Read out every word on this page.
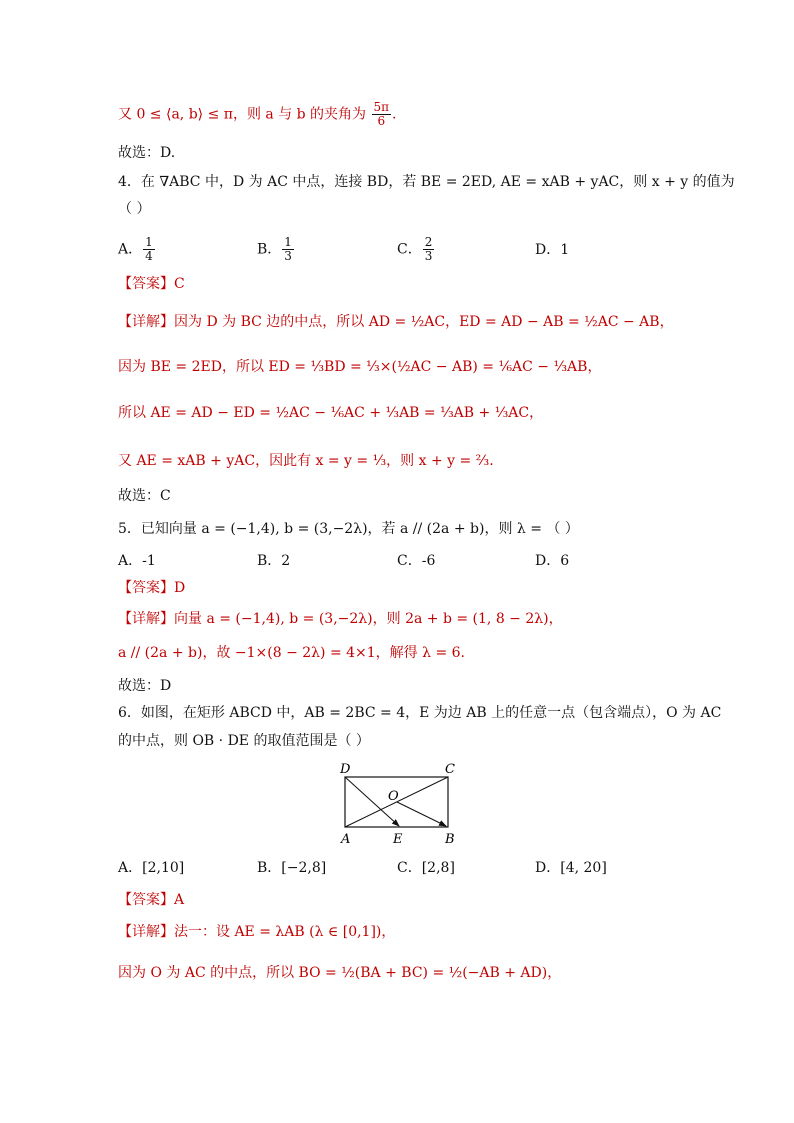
又 0 ≤ ⟨a, b⟩ ≤ π，则 a 与 b 的夹角为 $\frac{5\pi}{6}$ .
故选：D.
4．在 ∇ABC 中，D 为 AC 中点，连接 BD，若 BE = 2ED, AE = xAB + yAC，则 x + y 的值为
（ ）
A． $\frac{1}{4}$	B． $\frac{1}{3}$	C． $\frac{2}{3}$	D．1
【答案】C
【详解】因为 D 为 BC 边的中点，所以 AD = ½AC，ED = AD − AB = ½AC − AB，
因为 BE = 2ED，所以 ED = ⅓BD = ⅓×(½AC − AB) = ⅙AC − ⅓AB，
所以 AE = AD − ED = ½AC − ⅙AC + ⅓AB = ⅓AB + ⅓AC，
又 AE = xAB + yAC，因此有 x = y = ⅓，则 x + y = ⅔.
故选：C
5．已知向量 a = (−1,4), b = (3,−2λ)，若 a // (2a + b)，则 λ = （ ）
A．-1	B．2	C．-6	D．6
【答案】D
【详解】向量 a = (−1,4), b = (3,−2λ)，则 2a + b = (1, 8 − 2λ)，
a // (2a + b)，故 −1×(8 − 2λ) = 4×1，解得 λ = 6.
故选：D
6．如图，在矩形 ABCD 中，AB = 2BC = 4，E 为边 AB 上的任意一点（包含端点），O 为 AC
的中点，则 OB · DE 的取值范围是（ ）
D	C
O
A	E	B
A．[2,10]	B．[−2,8]	C．[2,8]	D．[4, 20]
【答案】A
【详解】法一：设 AE = λAB (λ ∈ [0,1])，
因为 O 为 AC 的中点，所以 BO = ½(BA + BC) = ½(−AB + AD)，
